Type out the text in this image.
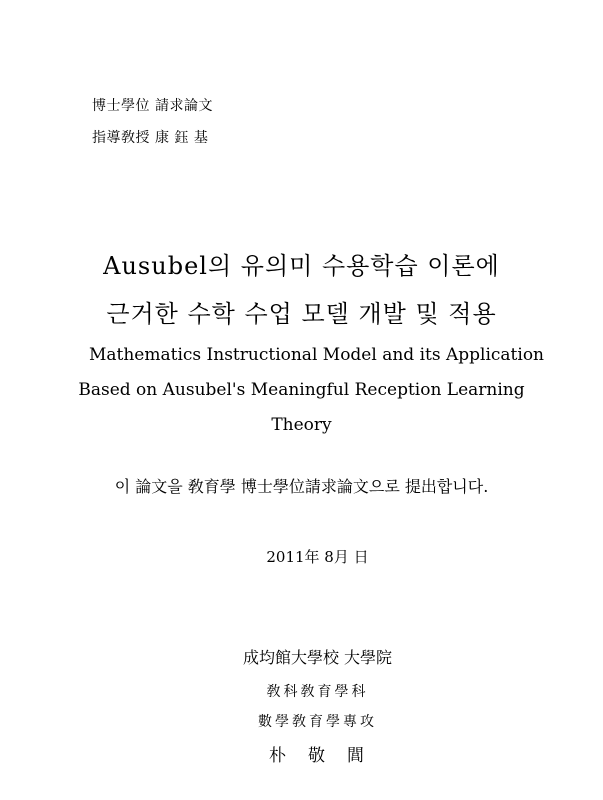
博士學位 請求論文
指導敎授 康 鈺 基
Ausubel의 유의미 수용학습 이론에
근거한 수학 수업 모델 개발 및 적용
Mathematics Instructional Model and its Application
Based on Ausubel's Meaningful Reception Learning
Theory
이 論文을 敎育學 博士學位請求論文으로 提出합니다.
2011年 8月 日
成均館大學校 大學院
敎科敎育學科
數學敎育學專攻
朴敬閭
